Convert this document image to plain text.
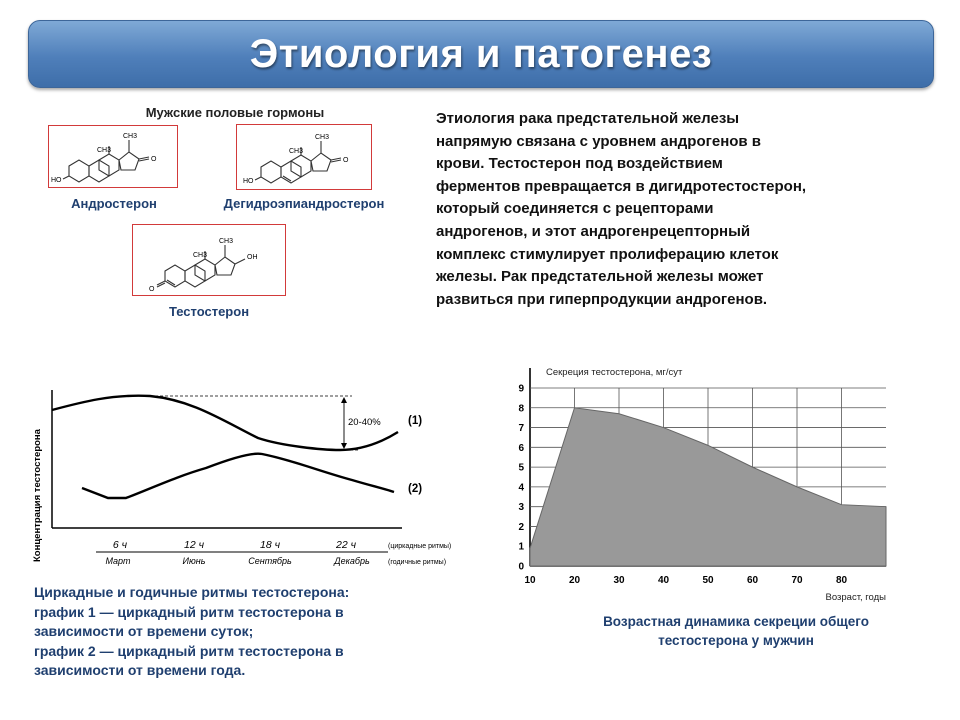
Этиология и патогенез
Мужские половые гормоны
CH3
CH3
HO
O
Андростерон
CH3
CH3
HO
O
Дегидроэпиандростерон
CH3
CH3
OH
O
Тестостерон
Этиология рака предстательной железы
напрямую связана с уровнем андрогенов в
крови. Тестостерон под воздействием
ферментов превращается в дигидротестостерон,
который соединяется с рецепторами
андрогенов, и этот андрогенрецепторный
комплекс стимулирует пролиферацию клеток
железы. Рак предстательной железы может
развиться при гиперпродукции андрогенов.
Концентрация тестостерона
20-40% (1)
(2)
6 ч	12 ч	18 ч	22 ч
Март	Июнь	Сентябрь	Декабрь
(циркадные ритмы)
(годичные ритмы)
Циркадные и годичные ритмы тестостерона:
график 1 — циркадный ритм тестостерона в
зависимости от времени суток;
график 2 — циркадный ритм тестостерона в
зависимости от времени года.
0
1
2
3
4
5
6
7
8
9
10	20	30	40	50	60	70	80
Секреция тестостерона, мг/сут
Возраст, годы
Возрастная динамика секреции общего
тестостерона у мужчин
